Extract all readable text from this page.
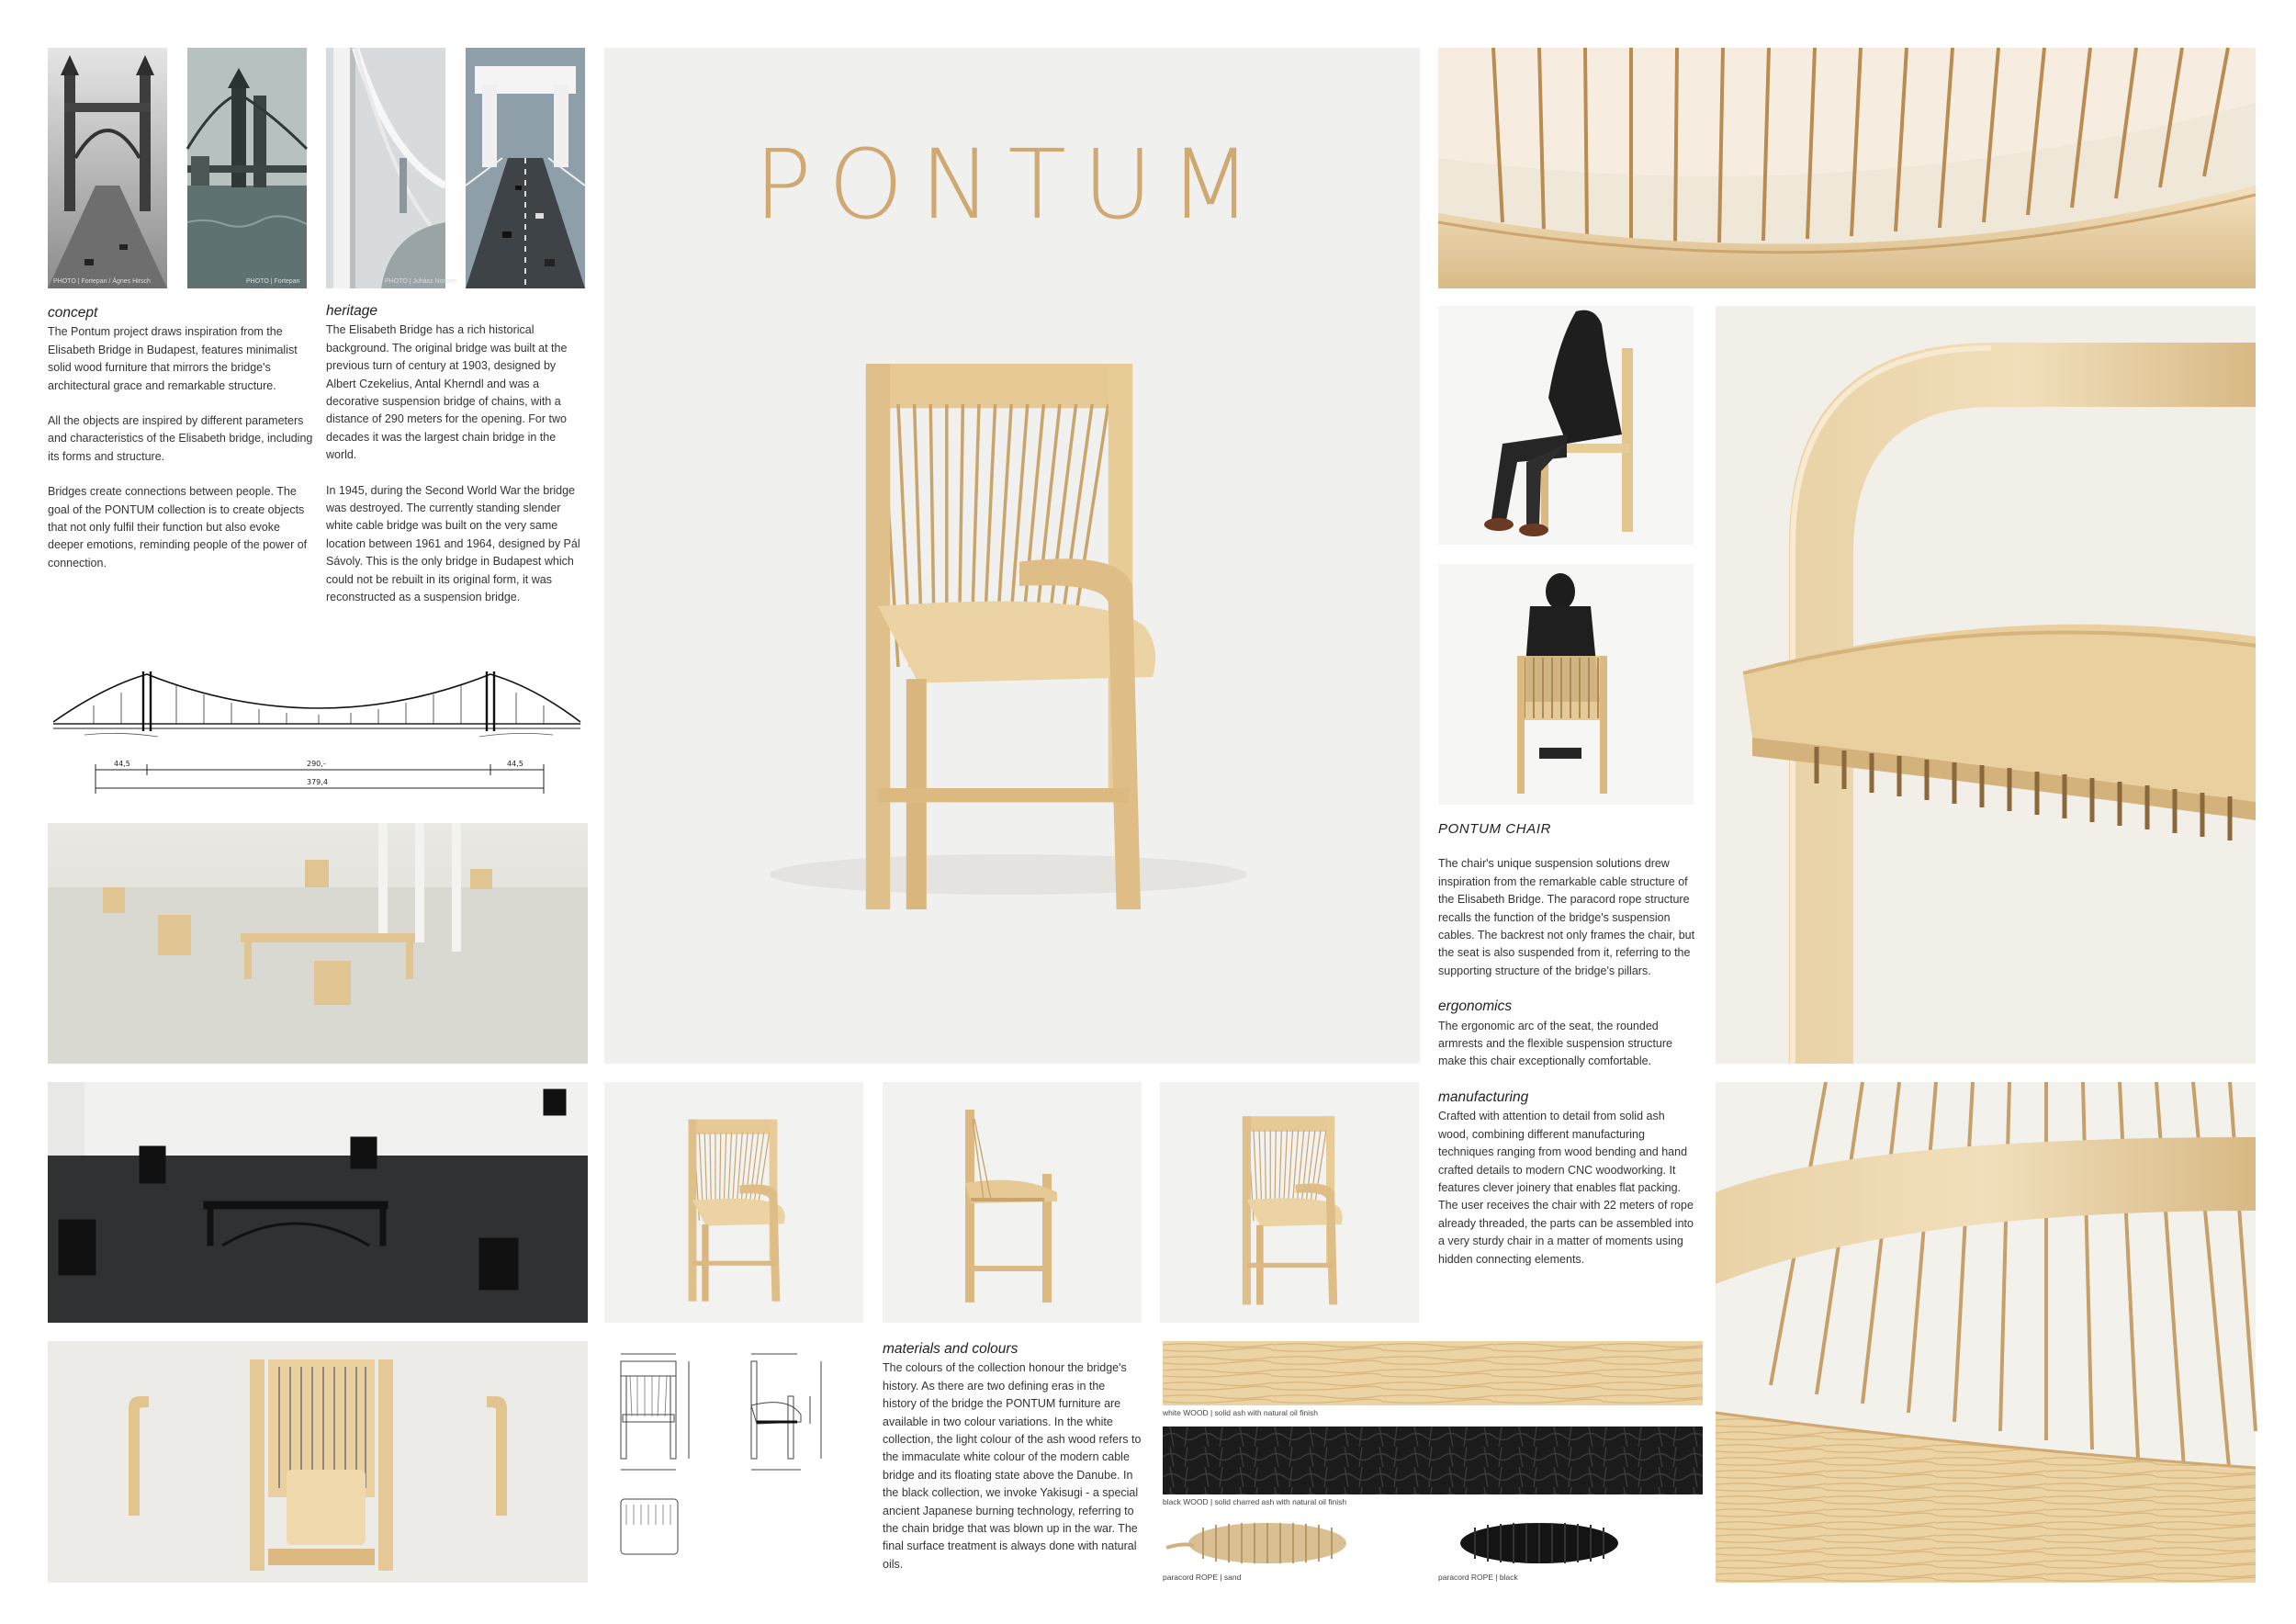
PHOTO | Fortepan / Ágnes Hirsch	PHOTO | Fortepan	PHOTO | Juhász Norbert
concept

The Pontum project draws inspiration from the Elisabeth Bridge in Budapest, features minimalist solid wood furniture that mirrors the bridge's architectural grace and remarkable structure.

All the objects are inspired by different parameters and characteristics of the Elisabeth bridge, including its forms and structure.

Bridges create connections between people. The goal of the PONTUM collection is to create objects that not only fulfil their function but also evoke deeper emotions, reminding people of the power of connection.

heritage

The Elisabeth Bridge has a rich historical background. The original bridge was built at the previous turn of century at 1903, designed by Albert Czekelius, Antal Kherndl and was a decorative suspension bridge of chains, with a distance of 290 meters for the opening. For two decades it was the largest chain bridge in the world.

In 1945, during the Second World War the bridge was destroyed. The currently standing slender white cable bridge was built on the very same location between 1961 and 1964, designed by Pál Sávoly. This is the only bridge in Budapest which could not be rebuilt in its original form, it was reconstructed as a suspension bridge.

44,5	290,-	44,5
379,4
PONTUM
PONTUM CHAIR

The chair's unique suspension solutions drew inspiration from the remarkable cable structure of the Elisabeth Bridge. The paracord rope structure recalls the function of the bridge's suspension cables. The backrest not only frames the chair, but the seat is also suspended from it, referring to the supporting structure of the bridge's pillars.

ergonomics

The ergonomic arc of the seat, the rounded armrests and the flexible suspension structure make this chair exceptionally comfortable.

manufacturing

Crafted with attention to detail from solid ash wood, combining different manufacturing techniques ranging from wood bending and hand crafted details to modern CNC woodworking. It features clever joinery that enables flat packing. The user receives the chair with 22 meters of rope already threaded, the parts can be assembled into a very sturdy chair in a matter of moments using hidden connecting elements.

materials and colours

The colours of the collection honour the bridge's history. As there are two defining eras in the history of the bridge the PONTUM furniture are available in two colour variations. In the white collection, the light colour of the ash wood refers to the immaculate white colour of the modern cable bridge and its floating state above the Danube. In the black collection, we invoke Yakisugi - a special ancient Japanese burning technology, referring to the chain bridge that was blown up in the war. The final surface treatment is always done with natural oils.

white WOOD | solid ash with natural oil finish
black WOOD | solid charred ash with natural oil finish
paracord ROPE | sand	paracord ROPE | black
